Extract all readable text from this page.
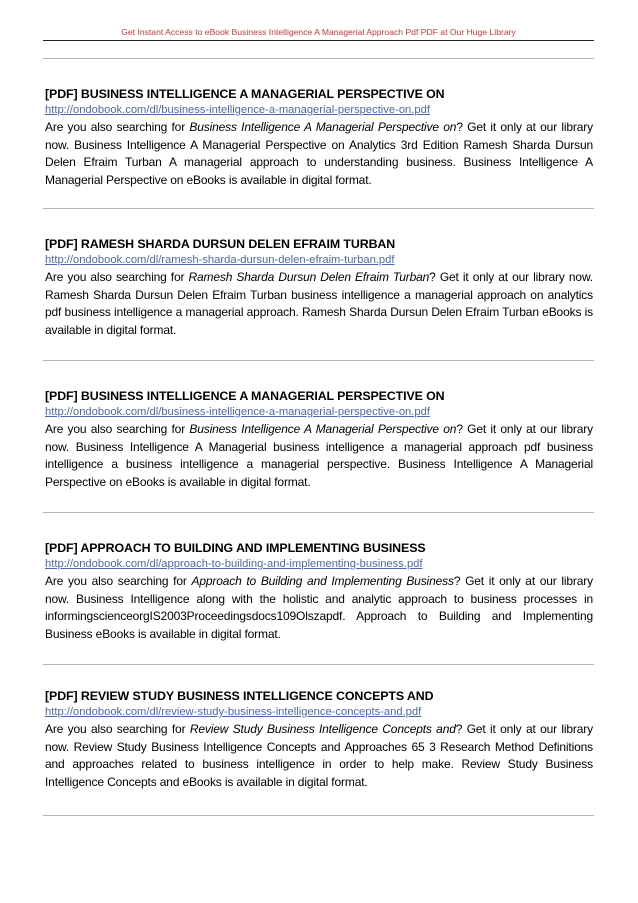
Get Instant Access to eBook Business Intelligence A Managerial Approach Pdf PDF at Our Huge Library
[PDF] BUSINESS INTELLIGENCE A MANAGERIAL PERSPECTIVE ON
http://ondobook.com/dl/business-intelligence-a-managerial-perspective-on.pdf
Are you also searching for Business Intelligence A Managerial Perspective on? Get it only at our library now. Business Intelligence A Managerial Perspective on Analytics 3rd Edition Ramesh Sharda Dursun Delen Efraim Turban A managerial approach to understanding business. Business Intelligence A Managerial Perspective on eBooks is available in digital format.
[PDF] RAMESH SHARDA DURSUN DELEN EFRAIM TURBAN
http://ondobook.com/dl/ramesh-sharda-dursun-delen-efraim-turban.pdf
Are you also searching for Ramesh Sharda Dursun Delen Efraim Turban? Get it only at our library now. Ramesh Sharda Dursun Delen Efraim Turban business intelligence a managerial approach on analytics pdf business intelligence a managerial approach. Ramesh Sharda Dursun Delen Efraim Turban eBooks is available in digital format.
[PDF] BUSINESS INTELLIGENCE A MANAGERIAL PERSPECTIVE ON
http://ondobook.com/dl/business-intelligence-a-managerial-perspective-on.pdf
Are you also searching for Business Intelligence A Managerial Perspective on? Get it only at our library now. Business Intelligence A Managerial business intelligence a managerial approach pdf business intelligence a business intelligence a managerial perspective. Business Intelligence A Managerial Perspective on eBooks is available in digital format.
[PDF] APPROACH TO BUILDING AND IMPLEMENTING BUSINESS
http://ondobook.com/dl/approach-to-building-and-implementing-business.pdf
Are you also searching for Approach to Building and Implementing Business? Get it only at our library now. Business Intelligence along with the holistic and analytic approach to business processes in informingscienceorgIS2003Proceedingsdocs109Olszapdf. Approach to Building and Implementing Business eBooks is available in digital format.
[PDF] REVIEW STUDY BUSINESS INTELLIGENCE CONCEPTS AND
http://ondobook.com/dl/review-study-business-intelligence-concepts-and.pdf
Are you also searching for Review Study Business Intelligence Concepts and? Get it only at our library now. Review Study Business Intelligence Concepts and Approaches 65 3 Research Method Definitions and approaches related to business intelligence in order to help make. Review Study Business Intelligence Concepts and eBooks is available in digital format.
